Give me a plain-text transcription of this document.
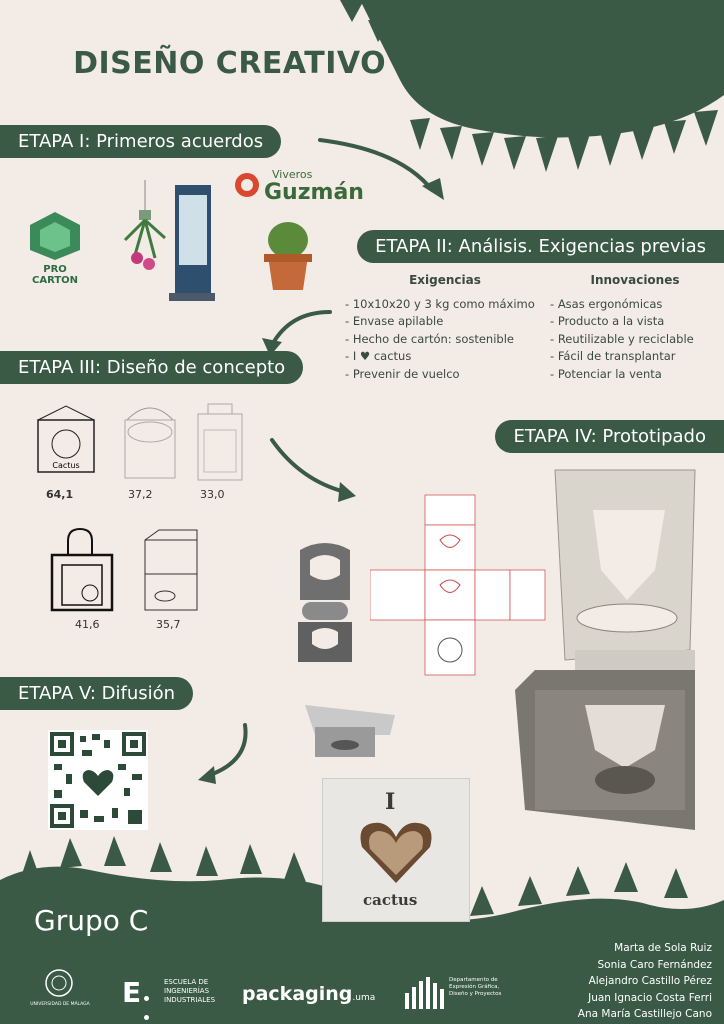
DISEÑO CREATIVO DE UN ENVASE
ETAPA I: Primeros acuerdos
ETAPA II: Análisis. Exigencias previas
ETAPA III: Diseño de concepto
ETAPA IV: Prototipado
ETAPA V: Difusión
PRO CARTON
Viveros
Guzmán
Exigencias
- 10x10x20 y 3 kg como máximo
- Envase apilable
- Hecho de cartón: sostenible
- I ♥ cactus
- Prevenir de vuelco
Innovaciones
- Asas ergonómicas
- Producto a la vista
- Reutilizable y reciclable
- Fácil de transplantar
- Potenciar la venta
Cactus
64,1	37,2	33,0
41,6	35,7
I
cactus
Grupo C
Marta de Sola Ruiz
Sonia Caro Fernández
Alejandro Castillo Pérez
Juan Ignacio Costa Ferri
Ana María Castillejo Cano
UNIVERSIDAD DE MÁLAGA E
	ESCUELA DE INGENIERÍAS INDUSTRIALES	packaging.uma
Departamento de Expresión Gráfica, Diseño y Proyectos
